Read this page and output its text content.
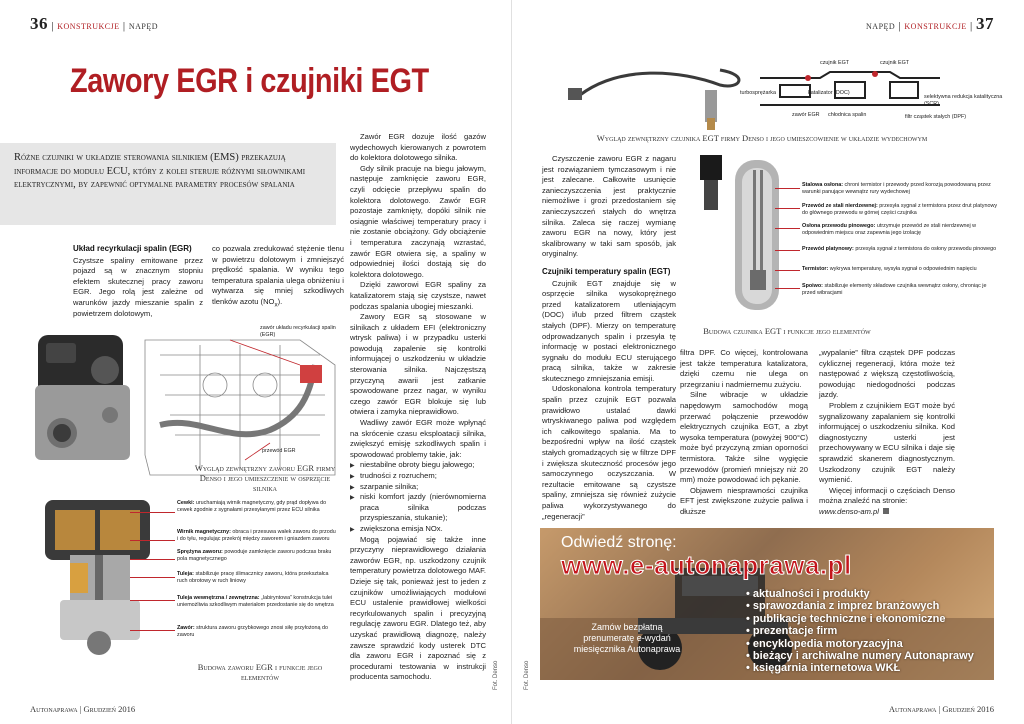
36 | konstrukcje | napęd
Zawory EGR i czujniki EGT
Różne czujniki w układzie sterowania silnikiem (EMS) przekazują informacje do modułu ECU, który z kolei steruje różnymi siłownikami elektrycznymi, by zapewnić optymalne parametry procesów spalania
Układ recyrkulacji spalin (EGR)

Czystsze spaliny emitowane przez pojazd są w znacznym stopniu efektem skutecznej pracy zaworu EGR. Jego rolą jest zależne od warunków jazdy mieszanie spalin z powietrzem dolotowym,

co pozwala zredukować stężenie tlenu w powietrzu dolotowym i zmniejszyć prędkość spalania. W wyniku tego temperatura spalania ulega obniżeniu i wytwarza się mniej szkodliwych tlenków azotu $(NO_x)$.

zawór układu recyrkulacji spalin (EGR)
przewód EGR
Wygląd zewnętrzny zaworu EGR firmy Denso i jego umieszczenie w osprzęcie silnika
Cewki: uruchamiają wirnik magnetyczny, gdy prąd dopływa do cewek zgodnie z sygnałami przesyłanymi przez ECU silnika
Wirnik magnetyczny: obraca i przesuwa wałek zaworu do przodu i do tyłu, regulując przekrój między zaworem i gniazdem zaworu
Sprężyna zaworu: powoduje zamknięcie zaworu podczas braku pola magnetycznego
Tuleja: stabilizuje pracę ślimacznicy zaworu, która przekształca ruch obrotowy w ruch liniowy
Tuleja wewnętrzna / zewnętrzna: „labiryntowa” konstrukcja tulei uniemożliwia szkodliwym materiałom przedostanie się do wnętrza
Zawór: struktura zaworu grzybkowego znosi siłę przyłożoną do zaworu
Budowa zaworu EGR i funkcje jego elementów

Zawór EGR dozuje ilość gazów wydechowych kierowanych z powrotem do kolektora dolotowego silnika.

Gdy silnik pracuje na biegu jałowym, następuje zamknięcie zaworu EGR, czyli odcięcie przepływu spalin do kolektora dolotowego. Zawór EGR pozostaje zamknięty, dopóki silnik nie osiągnie właściwej temperatury pracy i nie zostanie obciążony. Gdy obciążenie i temperatura zaczynają wzrastać, zawór EGR otwiera się, a spaliny w odpowiedniej ilości dostają się do kolektora dolotowego.

Dzięki zaworowi EGR spaliny za katalizatorem stają się czystsze, nawet podczas spalania ubogiej mieszanki.

Zawory EGR są stosowane w silnikach z układem EFI (elektroniczny wtrysk paliwa) i w przypadku usterki powodują zapalenie się kontrolki informującej o uszkodzeniu w układzie sterowania silnika. Najczęstszą przyczyną awarii jest zatkanie spowodowane przez nagar, w wyniku czego zawór EGR blokuje się lub otwiera i zamyka nieprawidłowo.

Wadliwy zawór EGR może wpłynąć na skrócenie czasu eksploatacji silnika, zwiększyć emisję szkodliwych spalin i spowodować problemy takie, jak:

▶ niestabilne obroty biegu jałowego;
▶ trudności z rozruchem;
▶ szarpanie silnika;
▶ niski komfort jazdy (nierównomierna praca silnika podczas przyspieszania, stukanie);
▶ zwiększona emisja NOx.

Mogą pojawiać się także inne przyczyny nieprawidłowego działania zaworów EGR, np. uszkodzony czujnik temperatury powietrza dolotowego MAF. Dzieje się tak, ponieważ jest to jeden z czujników umożliwiających modułowi ECU ustalenie prawidłowej wielkości recyrkulowanych spalin i precyzyjną regulację zaworu EGR. Dlatego też, aby uzyskać prawidłową diagnozę, należy zawsze sprawdzić kody usterek DTC dla zaworu EGR i zapoznać się z procedurami testowania w instrukcji producenta samochodu.	Fot. Denso
Autonaprawa | Grudzień 2016
napęd | konstrukcje | 37
czujnik EGT	czujnik EGT
turbosprężarka	katalizator (DOC)
zawór EGR chłodnica spalin
selektywna redukcja katalityczna (SCR)
filtr cząstek stałych (DPF)
Wygląd zewnętrzny czujnika EGT firmy Denso i jego umieszcowienie w układzie wydechowym

Czyszczenie zaworu EGR z nagaru jest rozwiązaniem tymczasowym i nie jest zalecane. Całkowite usunięcie zanieczyszczenia jest praktycznie niemożliwe i grozi przedostaniem się zanieczyszczeń stałych do wnętrza silnika. Zaleca się raczej wymianę zaworu EGR na nowy, który jest skalibrowany w taki sam sposób, jak oryginalny.

Czujniki temperatury spalin (EGT)

Czujnik EGT znajduje się w osprzęcie silnika wysokoprężnego przed katalizatorem utleniającym (DOC) i/lub przed filtrem cząstek stałych (DPF). Mierzy on temperaturę odprowadzanych spalin i przesyła tę informację w postaci elektronicznego sygnału do modułu ECU sterującego pracą silnika, także w zakresie skutecznego zmniejszania emisji.

Udoskonalona kontrola temperatury spalin przez czujnik EGT pozwala prawidłowo ustalać dawki wtryskiwanego paliwa pod względem ich całkowitego spalania. Ma to bezpośredni wpływ na ilość cząstek stałych gromadzących się w filtrze DPF i zwiększa skuteczność procesów jego samoczynnego oczyszczania. W rezultacie emitowane są czystsze spaliny, zmniejsza się również zużycie paliwa wykorzystywanego do „regeneracji”

Stalowa osłona: chroni termistor i przewody przed korozją powodowaną przez warunki panujące wewnątrz rury wydechowej
Przewód ze stali nierdzewnej: przesyła sygnał z termistora przez drut platynowy do głównego przewodu w górnej części czujnika
Osłona przewodu pinowego: utrzymuje przewód ze stali nierdzewnej w odpowiednim miejscu oraz zapewnia jego izolację
Przewód platynowy: przesyła sygnał z termistora do osłony przewodu pinowego
Termistor: wykrywa temperaturę, wysyła sygnał o odpowiednim napięciu
Spoiwo: stabilizuje elementy składowe czujnika wewnątrz osłony, chroniąc je przed wibracjami
Budowa czujnika EGT i funkcje jego elementów

filtra DPF. Co więcej, kontrolowana jest także temperatura katalizatora, dzięki czemu nie ulega on przegrzaniu i nadmiernemu zużyciu.

Silne wibracje w układzie napędowym samochodów mogą przerwać połączenie przewodów elektrycznych czujnika EGT, a zbyt wysoka temperatura (powyżej 900°C) może być przyczyną zmian oporności termistora. Także silne wygięcie przewodów (promień mniejszy niż 20 mm) może powodować ich pękanie.

Objawem niesprawności czujnika EFT jest zwiększone zużycie paliwa i dłuższe

„wypalanie” filtra cząstek DPF podczas cyklicznej regeneracji, która może też następować z większą częstotliwością, powodując niedogodności podczas jazdy.

Problem z czujnikiem EGT może być sygnalizowany zapalaniem się kontrolki informującej o uszkodzeniu silnika. Kod diagnostyczny usterki jest przechowywany w ECU silnika i daje się sprawdzić skanerem diagnostycznym. Uszkodzony czujnik EGT należy wymienić.

Więcej informacji o częściach Denso można znaleźć na stronie:

www.denso-am.pl

Fot. Denso
Autonaprawa | Grudzień 2016
Odwiedź stronę:
www.e-autonaprawa.pl
Zamów bezpłatną prenumeratę e-wydań miesięcznika Autonaprawa
• aktualności i produkty
• sprawozdania z imprez branżowych
• publikacje techniczne i ekonomiczne
• prezentacje firm
• encyklopedia motoryzacyjna
• bieżący i archiwalne numery Autonaprawy
• księgarnia internetowa WKŁ
